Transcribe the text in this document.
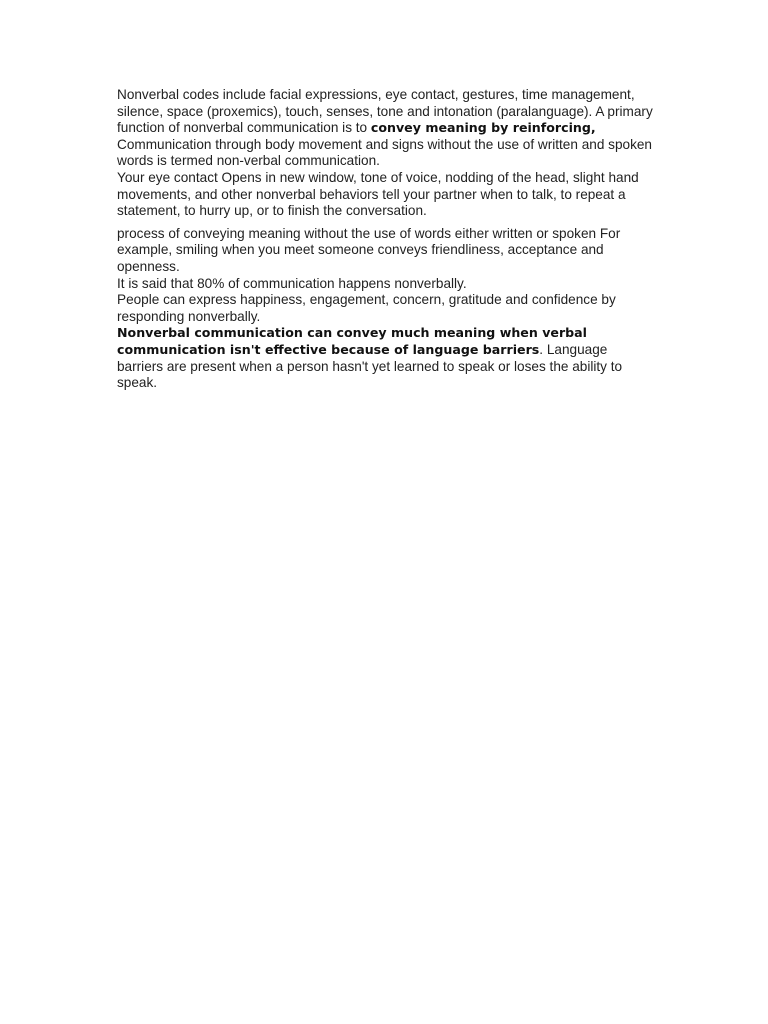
Nonverbal codes include facial expressions, eye contact, gestures, time management, silence, space (proxemics), touch, senses, tone and intonation (paralanguage). A primary function of nonverbal communication is to convey meaning by reinforcing,

Communication through body movement and signs without the use of written and spoken words is termed non-verbal communication.

Your eye contact Opens in new window, tone of voice, nodding of the head, slight hand movements, and other nonverbal behaviors tell your partner when to talk, to repeat a statement, to hurry up, or to finish the conversation.

process of conveying meaning without the use of words either written or spoken For example, smiling when you meet someone conveys friendliness, acceptance and openness.

It is said that 80% of communication happens nonverbally.

People can express happiness, engagement, concern, gratitude and confidence by responding nonverbally.

Nonverbal communication can convey much meaning when verbal communication isn't effective because of language barriers. Language barriers are present when a person hasn't yet learned to speak or loses the ability to speak.
